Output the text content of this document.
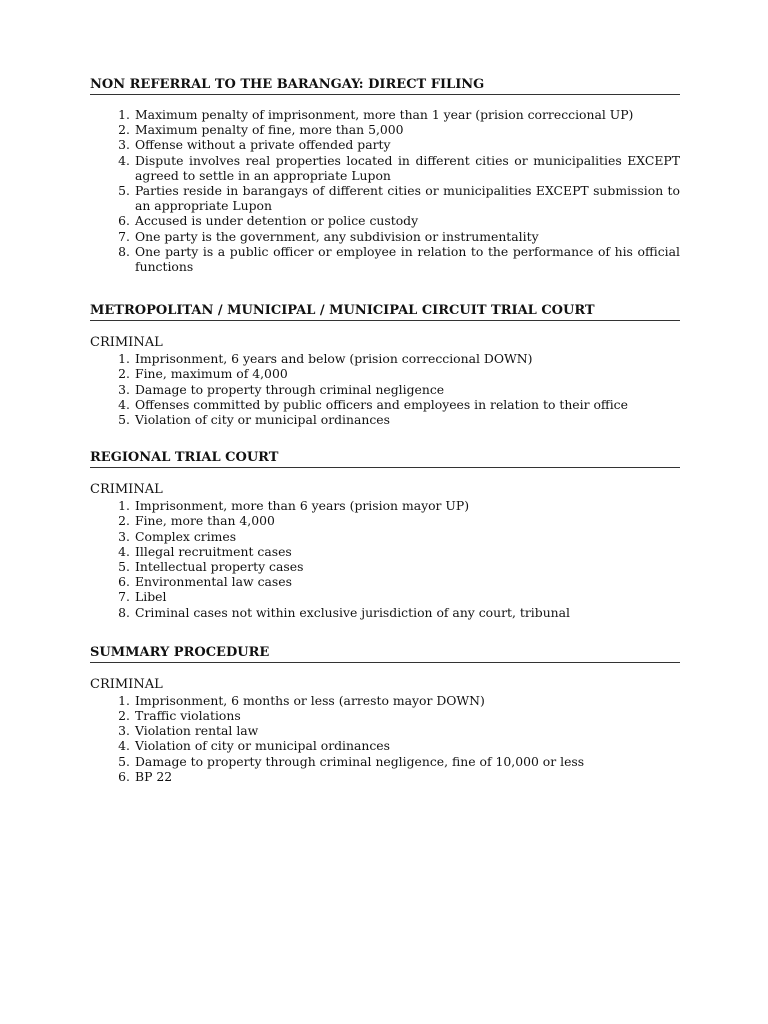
NON REFERRAL TO THE BARANGAY: DIRECT FILING
1. Maximum penalty of imprisonment, more than 1 year (prision correccional UP)
2. Maximum penalty of fine, more than 5,000
3. Offense without a private offended party
4. Dispute involves real properties located in different cities or municipalities EXCEPT agreed to settle in an appropriate Lupon
5. Parties reside in barangays of different cities or municipalities EXCEPT submission to an appropriate Lupon
6. Accused is under detention or police custody
7. One party is the government, any subdivision or instrumentality
8. One party is a public officer or employee in relation to the performance of his official functions
METROPOLITAN / MUNICIPAL / MUNICIPAL CIRCUIT TRIAL COURT
CRIMINAL
1. Imprisonment, 6 years and below (prision correccional DOWN)
2. Fine, maximum of 4,000
3. Damage to property through criminal negligence
4. Offenses committed by public officers and employees in relation to their office
5. Violation of city or municipal ordinances
REGIONAL TRIAL COURT
CRIMINAL
1. Imprisonment, more than 6 years (prision mayor UP)
2. Fine, more than 4,000
3. Complex crimes
4. Illegal recruitment cases
5. Intellectual property cases
6. Environmental law cases
7. Libel
8. Criminal cases not within exclusive jurisdiction of any court, tribunal
SUMMARY PROCEDURE
CRIMINAL
1. Imprisonment, 6 months or less (arresto mayor DOWN)
2. Traffic violations
3. Violation rental law
4. Violation of city or municipal ordinances
5. Damage to property through criminal negligence, fine of 10,000 or less
6. BP 22
